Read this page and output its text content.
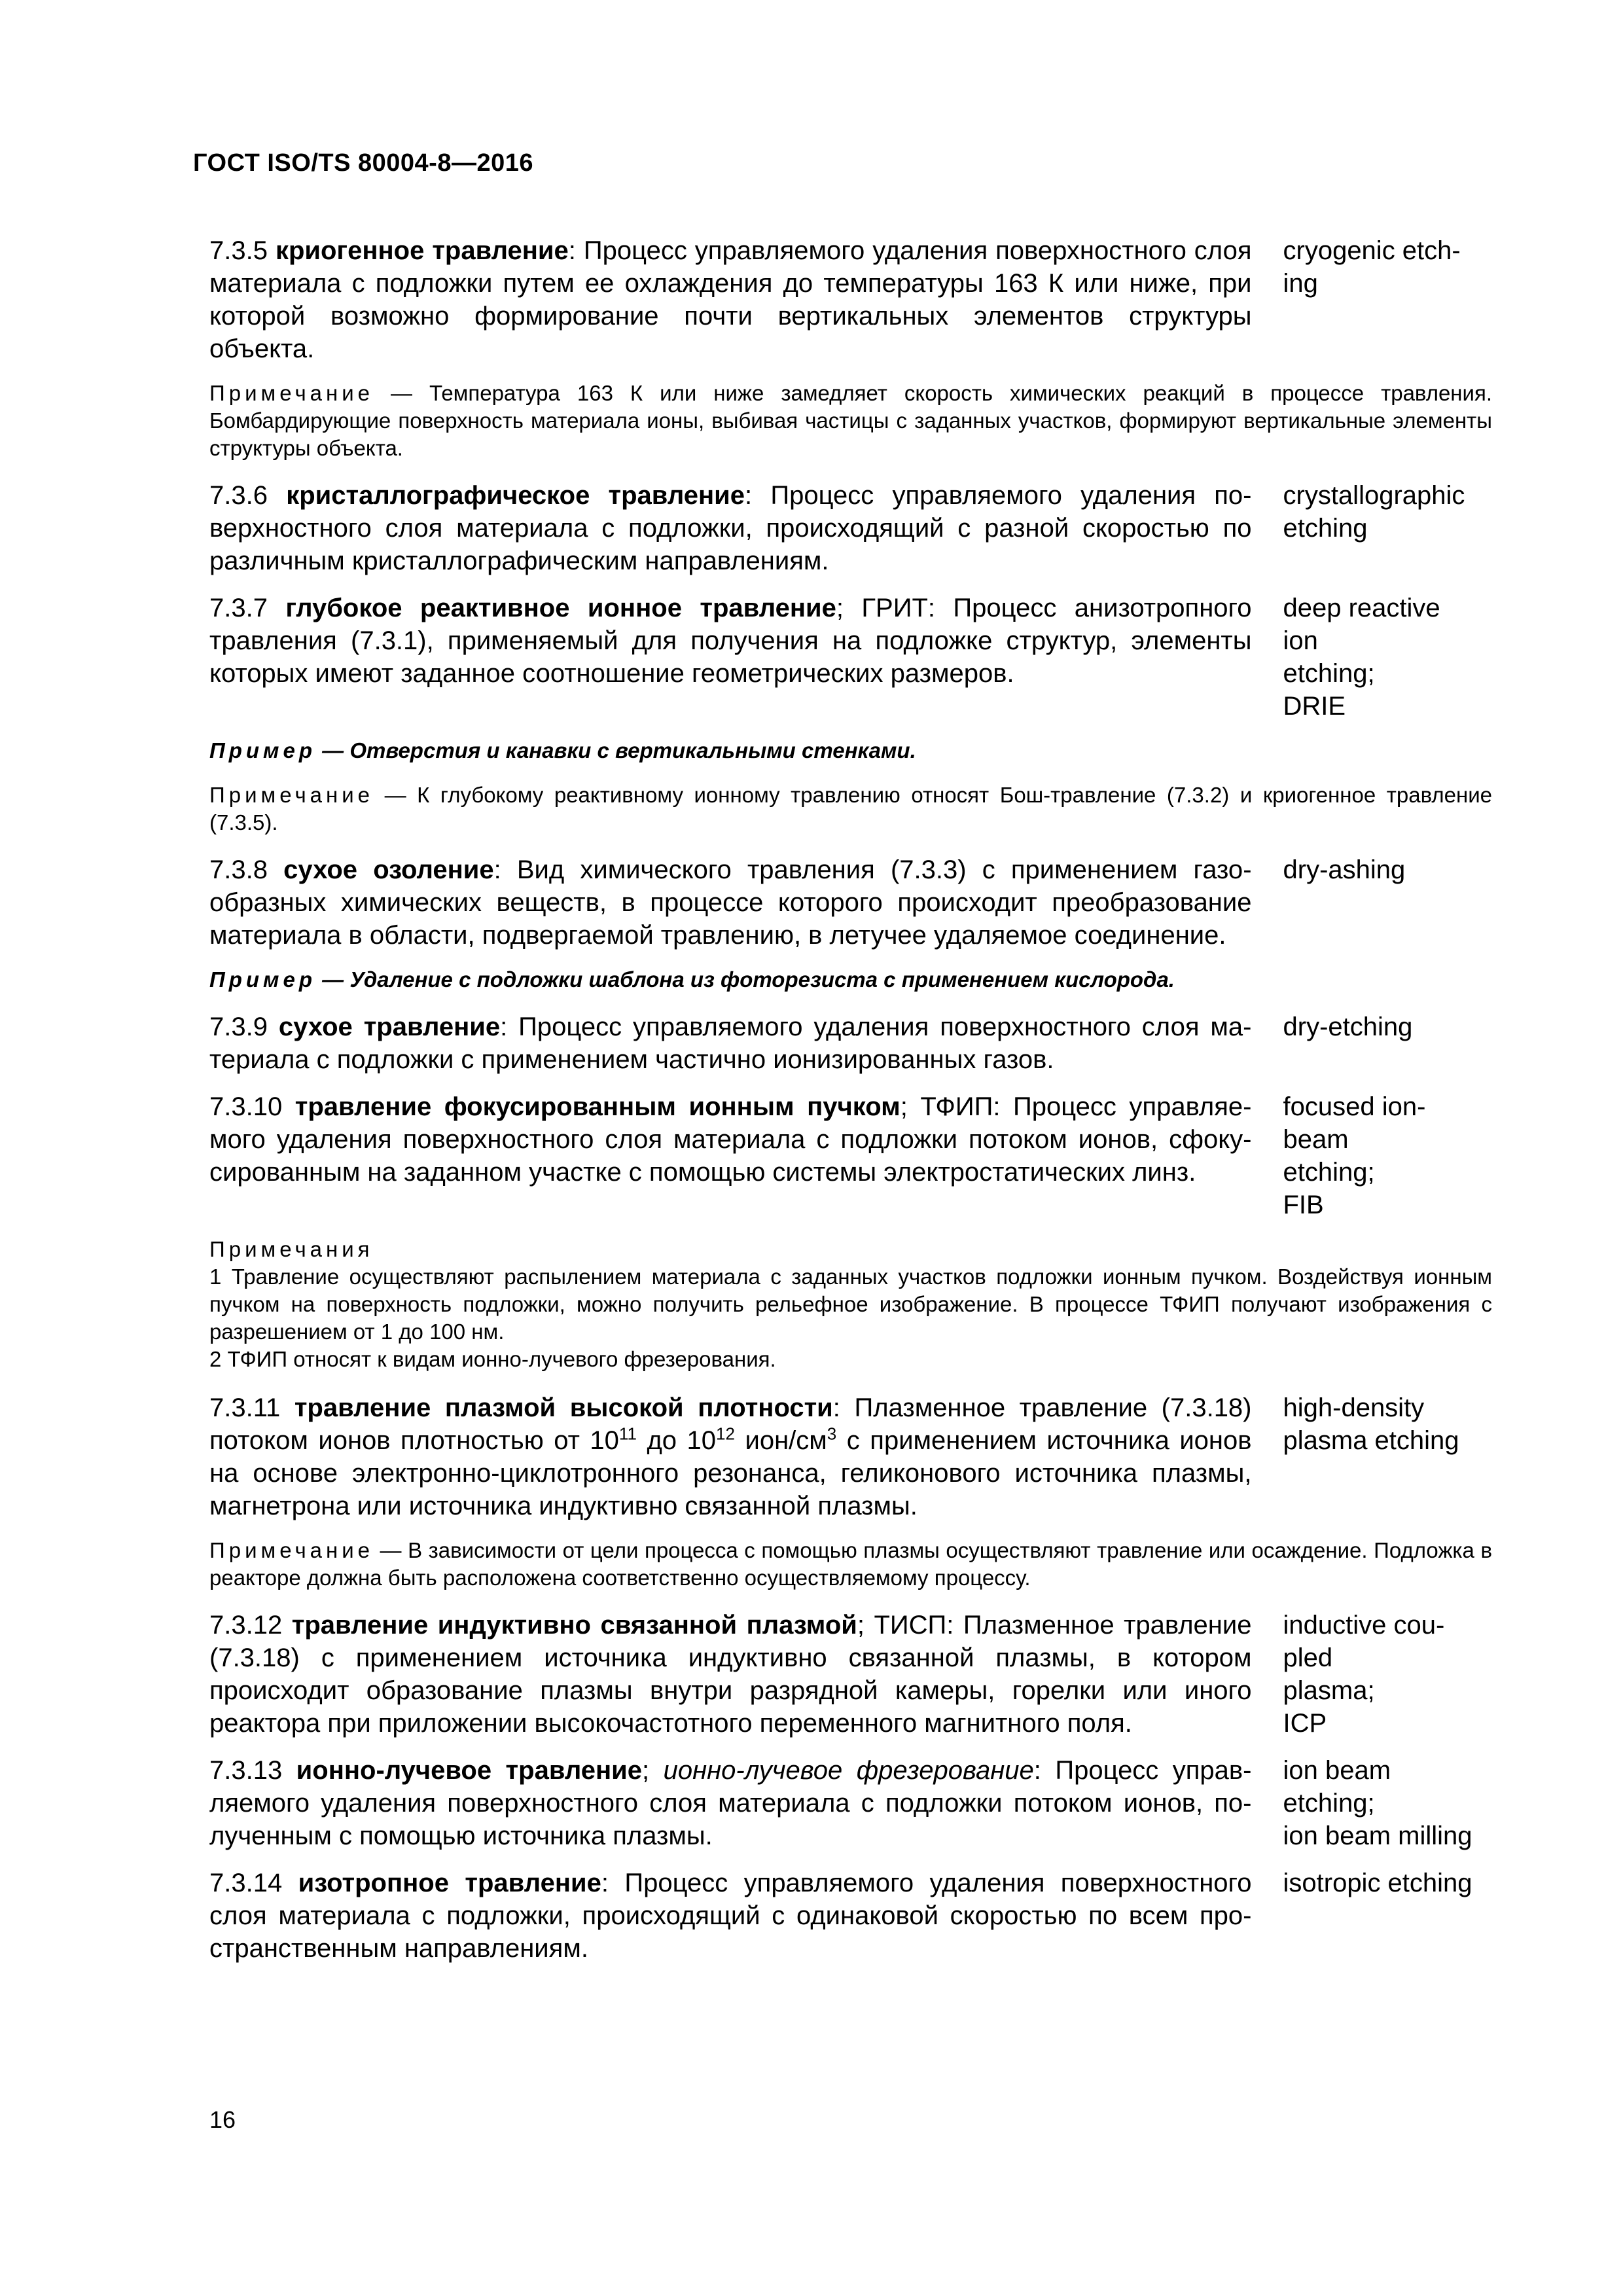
ГОСТ ISO/TS 80004-8—2016
7.3.5 криогенное травление: Процесс управляемого удаления поверхностного слоя материала с подложки путем ее охлаждения до температуры 163 К или ниже, при которой возможно формирование почти вертикальных элементов структуры объекта.
cryogenic etch-
ing
Примечание — Температура 163 К или ниже замедляет скорость химических реакций в процессе травления. Бомбардирующие поверхность материала ионы, выбивая частицы с заданных участков, формируют вертикальные элементы структуры объекта.
7.3.6 кристаллографическое травление: Процесс управляемого удаления поверхностного слоя материала с подложки, происходящий с разной скоростью по различным кристаллографическим направлениям.
crystallographic
etching
7.3.7 глубокое реактивное ионное травление; ГРИТ: Процесс анизотропного травления (7.3.1), применяемый для получения на подложке структур, элементы которых имеют заданное соотношение геометрических размеров.
deep reactive
ion
etching;
DRIE
Пример — Отверстия и канавки с вертикальными стенками.
Примечание — К глубокому реактивному ионному травлению относят Бош-травление (7.3.2) и криогенное травление (7.3.5).
7.3.8 сухое озоление: Вид химического травления (7.3.3) с применением газообразных химических веществ, в процессе которого происходит преобразование материала в области, подвергаемой травлению, в летучее удаляемое соединение.
dry-ashing
Пример — Удаление с подложки шаблона из фоторезиста с применением кислорода.
7.3.9 сухое травление: Процесс управляемого удаления поверхностного слоя материала с подложки с применением частично ионизированных газов.
dry-etching
7.3.10 травление фокусированным ионным пучком; ТФИП: Процесс управляемого удаления поверхностного слоя материала с подложки потоком ионов, сфокусированным на заданном участке с помощью системы электростатических линз.
focused ion-
beam
etching;
FIB
Примечания
1 Травление осуществляют распылением материала с заданных участков подложки ионным пучком. Воздействуя ионным пучком на поверхность подложки, можно получить рельефное изображение. В процессе ТФИП получают изображения с разрешением от 1 до 100 нм.
2 ТФИП относят к видам ионно-лучевого фрезерования.
7.3.11 травление плазмой высокой плотности: Плазменное травление (7.3.18) потоком ионов плотностью от $10^{11}$ до $10^{12}$ ион/$см^3$ с применением источника ионов на основе электронно-циклотронного резонанса, геликонового источника плазмы, магнетрона или источника индуктивно связанной плазмы.
high-density
plasma etching
Примечание — В зависимости от цели процесса с помощью плазмы осуществляют травление или осаждение. Подложка в реакторе должна быть расположена соответственно осуществляемому процессу.
7.3.12 травление индуктивно связанной плазмой; ТИСП: Плазменное травление (7.3.18) с применением источника индуктивно связанной плазмы, в котором происходит образование плазмы внутри разрядной камеры, горелки или иного реактора при приложении высокочастотного переменного магнитного поля.
inductive cou-
pled
plasma;
ICP
7.3.13 ионно-лучевое травление; ионно-лучевое фрезерование: Процесс управляемого удаления поверхностного слоя материала с подложки потоком ионов, полученным с помощью источника плазмы.
ion beam
etching;
ion beam milling
7.3.14 изотропное травление: Процесс управляемого удаления поверхностного слоя материала с подложки, происходящий с одинаковой скоростью по всем пространственным направлениям.
isotropic etching
16
